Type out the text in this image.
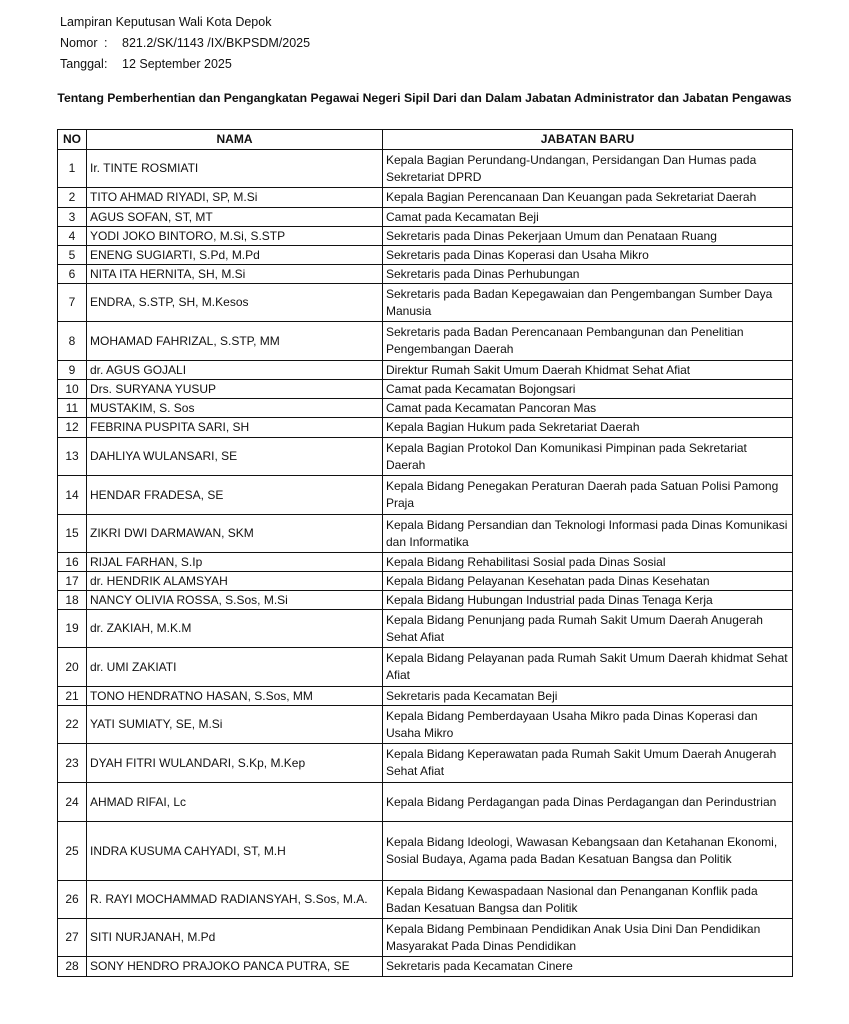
Lampiran Keputusan Wali Kota Depok
Nomor : 821.2/SK/1143 /IX/BKPSDM/2025
Tanggal: 12 September 2025
Tentang Pemberhentian dan Pengangkatan Pegawai Negeri Sipil Dari dan Dalam Jabatan Administrator dan Jabatan Pengawas
NO	NAMA	JABATAN BARU
1	Ir. TINTE ROSMIATI	Kepala Bagian Perundang-Undangan, Persidangan Dan Humas pada Sekretariat DPRD
2	TITO AHMAD RIYADI, SP, M.Si	Kepala Bagian Perencanaan Dan Keuangan pada Sekretariat Daerah
3	AGUS SOFAN, ST, MT	Camat pada Kecamatan Beji
4	YODI JOKO BINTORO, M.Si, S.STP	Sekretaris pada Dinas Pekerjaan Umum dan Penataan Ruang
5	ENENG SUGIARTI, S.Pd, M.Pd	Sekretaris pada Dinas Koperasi dan Usaha Mikro
6	NITA ITA HERNITA, SH, M.Si	Sekretaris pada Dinas Perhubungan
7	ENDRA, S.STP, SH, M.Kesos	Sekretaris pada Badan Kepegawaian dan Pengembangan Sumber Daya Manusia
8	MOHAMAD FAHRIZAL, S.STP, MM	Sekretaris pada Badan Perencanaan Pembangunan dan Penelitian Pengembangan Daerah
9	dr. AGUS GOJALI	Direktur Rumah Sakit Umum Daerah Khidmat Sehat Afiat
10	Drs. SURYANA YUSUP	Camat pada Kecamatan Bojongsari
11	MUSTAKIM, S. Sos	Camat pada Kecamatan Pancoran Mas
12	FEBRINA PUSPITA SARI, SH	Kepala Bagian Hukum pada Sekretariat Daerah
13	DAHLIYA WULANSARI, SE	Kepala Bagian Protokol Dan Komunikasi Pimpinan pada Sekretariat Daerah
14	HENDAR FRADESA, SE	Kepala Bidang Penegakan Peraturan Daerah pada Satuan Polisi Pamong Praja
15	ZIKRI DWI DARMAWAN, SKM	Kepala Bidang Persandian dan Teknologi Informasi pada Dinas Komunikasi dan Informatika
16	RIJAL FARHAN, S.Ip	Kepala Bidang Rehabilitasi Sosial pada Dinas Sosial
17	dr. HENDRIK ALAMSYAH	Kepala Bidang Pelayanan Kesehatan pada Dinas Kesehatan
18	NANCY OLIVIA ROSSA, S.Sos, M.Si	Kepala Bidang Hubungan Industrial pada Dinas Tenaga Kerja
19	dr. ZAKIAH, M.K.M	Kepala Bidang Penunjang pada Rumah Sakit Umum Daerah Anugerah Sehat Afiat
20	dr. UMI ZAKIATI	Kepala Bidang Pelayanan pada Rumah Sakit Umum Daerah khidmat Sehat Afiat
21	TONO HENDRATNO HASAN, S.Sos, MM	Sekretaris pada Kecamatan Beji
22	YATI SUMIATY, SE, M.Si	Kepala Bidang Pemberdayaan Usaha Mikro pada Dinas Koperasi dan Usaha Mikro
23	DYAH FITRI WULANDARI, S.Kp, M.Kep	Kepala Bidang Keperawatan pada Rumah Sakit Umum Daerah Anugerah Sehat Afiat
24	AHMAD RIFAI, Lc	Kepala Bidang Perdagangan pada Dinas Perdagangan dan Perindustrian
25	INDRA KUSUMA CAHYADI, ST, M.H	Kepala Bidang Ideologi, Wawasan Kebangsaan dan Ketahanan Ekonomi, Sosial Budaya, Agama pada Badan Kesatuan Bangsa dan Politik
26	R. RAYI MOCHAMMAD RADIANSYAH, S.Sos, M.A.	Kepala Bidang Kewaspadaan Nasional dan Penanganan Konflik pada Badan Kesatuan Bangsa dan Politik
27	SITI NURJANAH, M.Pd	Kepala Bidang Pembinaan Pendidikan Anak Usia Dini Dan Pendidikan Masyarakat Pada Dinas Pendidikan
28	SONY HENDRO PRAJOKO PANCA PUTRA, SE	Sekretaris pada Kecamatan Cinere
